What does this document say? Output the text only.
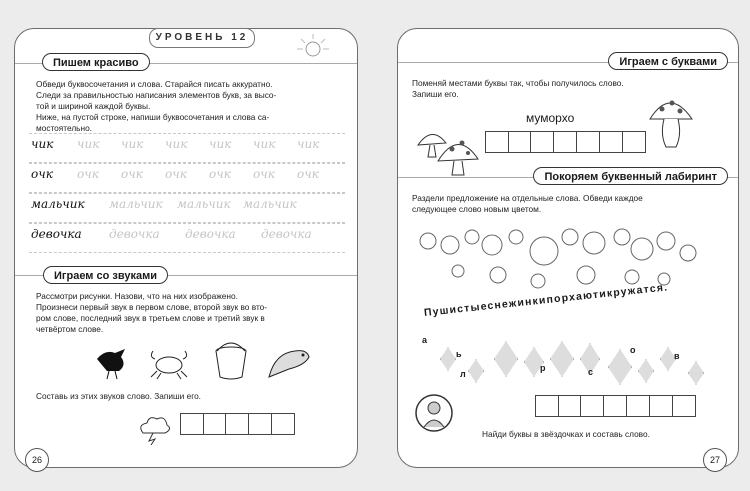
Пишем красиво
Обведи буквосочетания и слова. Старайся писать аккуратно.
Следи за правильностью написания элементов букв, за высо-
той и шириной каждой буквы.
Ниже, на пустой строке, напиши буквосочетания и слова са-
мостоятельно.
чик чик чик чик чик чик чик
очк очк очк очк очк очк очк
мальчик мальчик мальчик мальчик
девочка девочка девочка девочка
Играем со звуками
Рассмотри рисунки. Назови, что на них изображено.
Произнеси первый звук в первом слове, второй звук во вто-
ром слове, последний звук в третьем слове и третий звук в
четвёртом слове.
Составь из этих звуков слово. Запиши его.
УРОВЕНЬ 12
26
Играем с буквами
Поменяй местами буквы так, чтобы получилось слово.
Запиши его.
муморхо
Покоряем буквенный лабиринт
Раздели предложение на отдельные слова. Обведи каждое
следующее слово новым цветом.
Пушистыеснежинкипорхаютикружатся.
а
ь
л
р	с
о
в
Найди буквы в звёздочках и составь слово.
27
